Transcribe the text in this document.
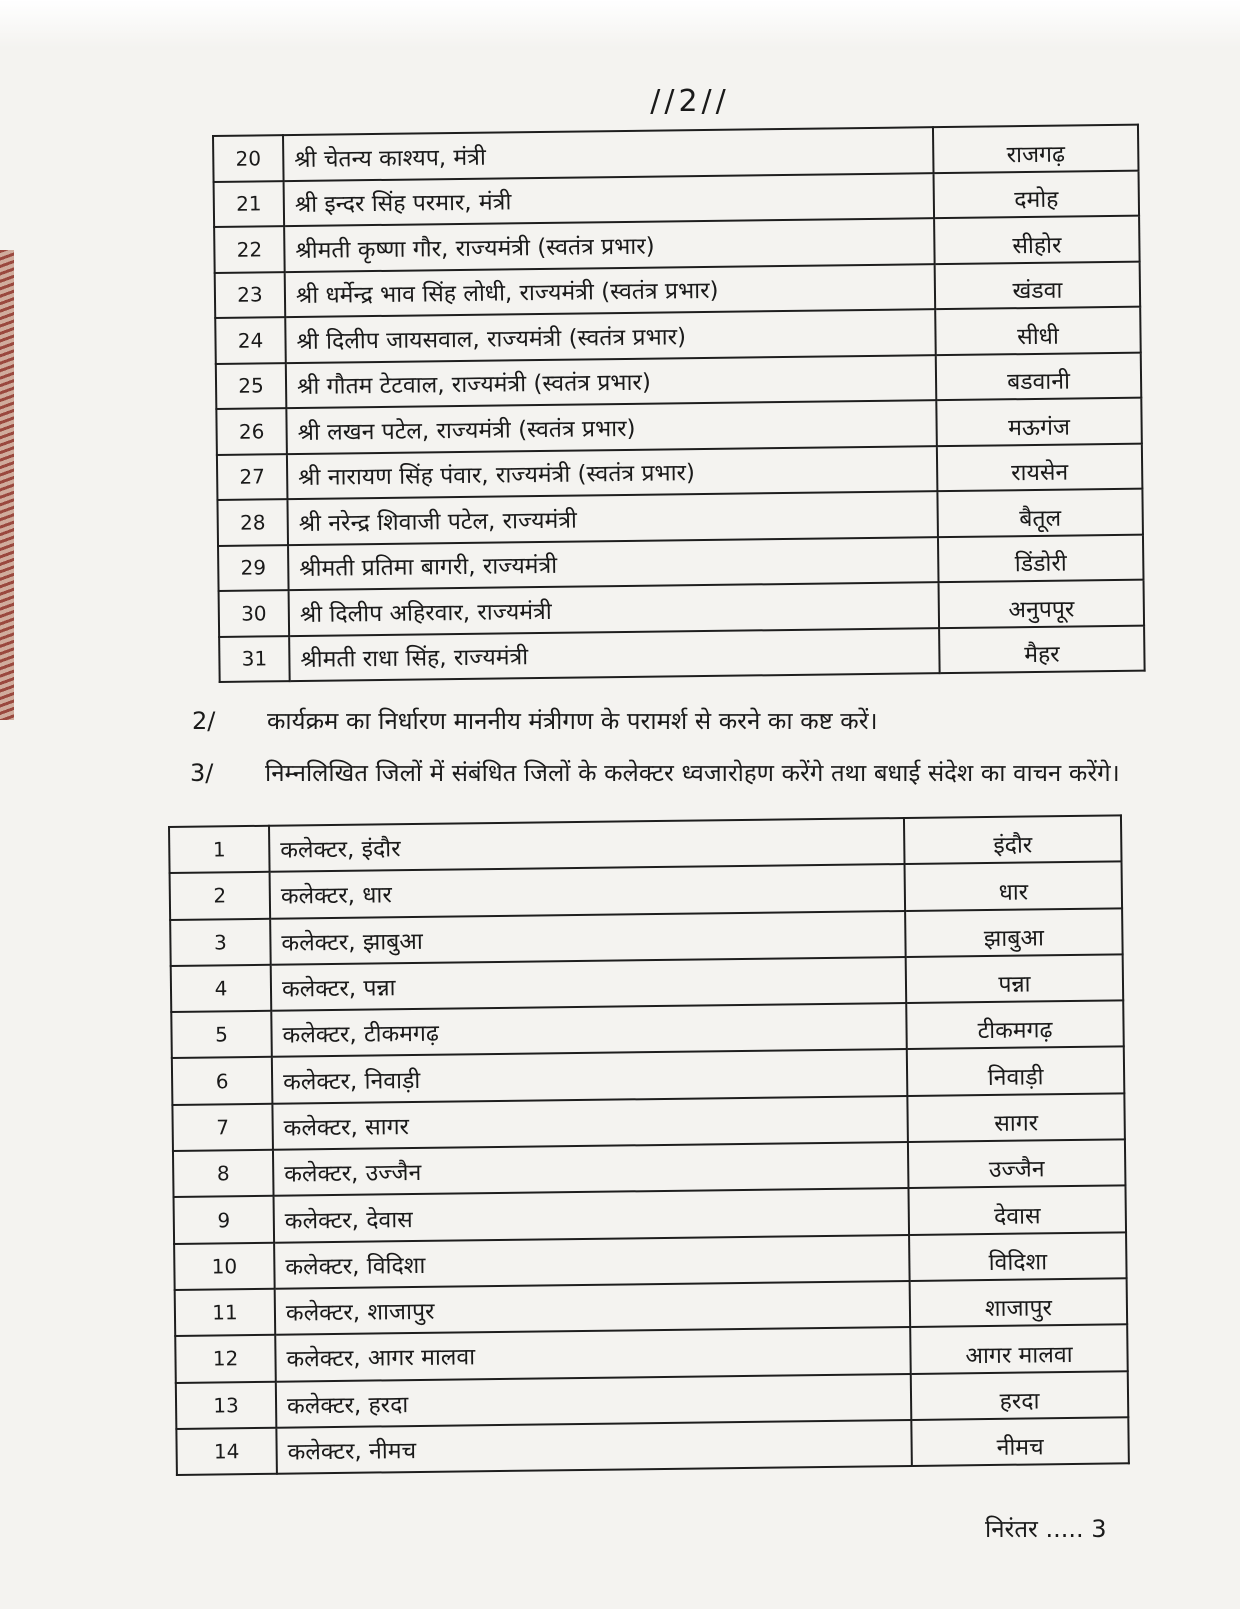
//2//
20	श्री चेतन्य काश्यप, मंत्री	राजगढ़
21	श्री इन्दर सिंह परमार, मंत्री	दमोह
22	श्रीमती कृष्णा गौर, राज्यमंत्री (स्वतंत्र प्रभार)	सीहोर
23	श्री धर्मेन्द्र भाव सिंह लोधी, राज्यमंत्री (स्वतंत्र प्रभार)	खंडवा
24	श्री दिलीप जायसवाल, राज्यमंत्री (स्वतंत्र प्रभार)	सीधी
25	श्री गौतम टेटवाल, राज्यमंत्री (स्वतंत्र प्रभार)	बडवानी
26	श्री लखन पटेल, राज्यमंत्री (स्वतंत्र प्रभार)	मऊगंज
27	श्री नारायण सिंह पंवार, राज्यमंत्री (स्वतंत्र प्रभार)	रायसेन
28	श्री नरेन्द्र शिवाजी पटेल, राज्यमंत्री	बैतूल
29	श्रीमती प्रतिमा बागरी, राज्यमंत्री	डिंडोरी
30	श्री दिलीप अहिरवार, राज्यमंत्री	अनुपपूर
31	श्रीमती राधा सिंह, राज्यमंत्री	मैहर
2/ कार्यक्रम का निर्धारण माननीय मंत्रीगण के परामर्श से करने का कष्ट करें।
3/ निम्नलिखित जिलों में संबंधित जिलों के कलेक्टर ध्वजारोहण करेंगे तथा बधाई संदेश का वाचन करेंगे।
1	कलेक्टर, इंदौर	इंदौर
2	कलेक्टर, धार	धार
3	कलेक्टर, झाबुआ	झाबुआ
4	कलेक्टर, पन्ना	पन्ना
5	कलेक्टर, टीकमगढ़	टीकमगढ़
6	कलेक्टर, निवाड़ी	निवाड़ी
7	कलेक्टर, सागर	सागर
8	कलेक्टर, उज्जैन	उज्जैन
9	कलेक्टर, देवास	देवास
10	कलेक्टर, विदिशा	विदिशा
11	कलेक्टर, शाजापुर	शाजापुर
12	कलेक्टर, आगर मालवा	आगर मालवा
13	कलेक्टर, हरदा	हरदा
14	कलेक्टर, नीमच	नीमच
निरंतर ..... 3
